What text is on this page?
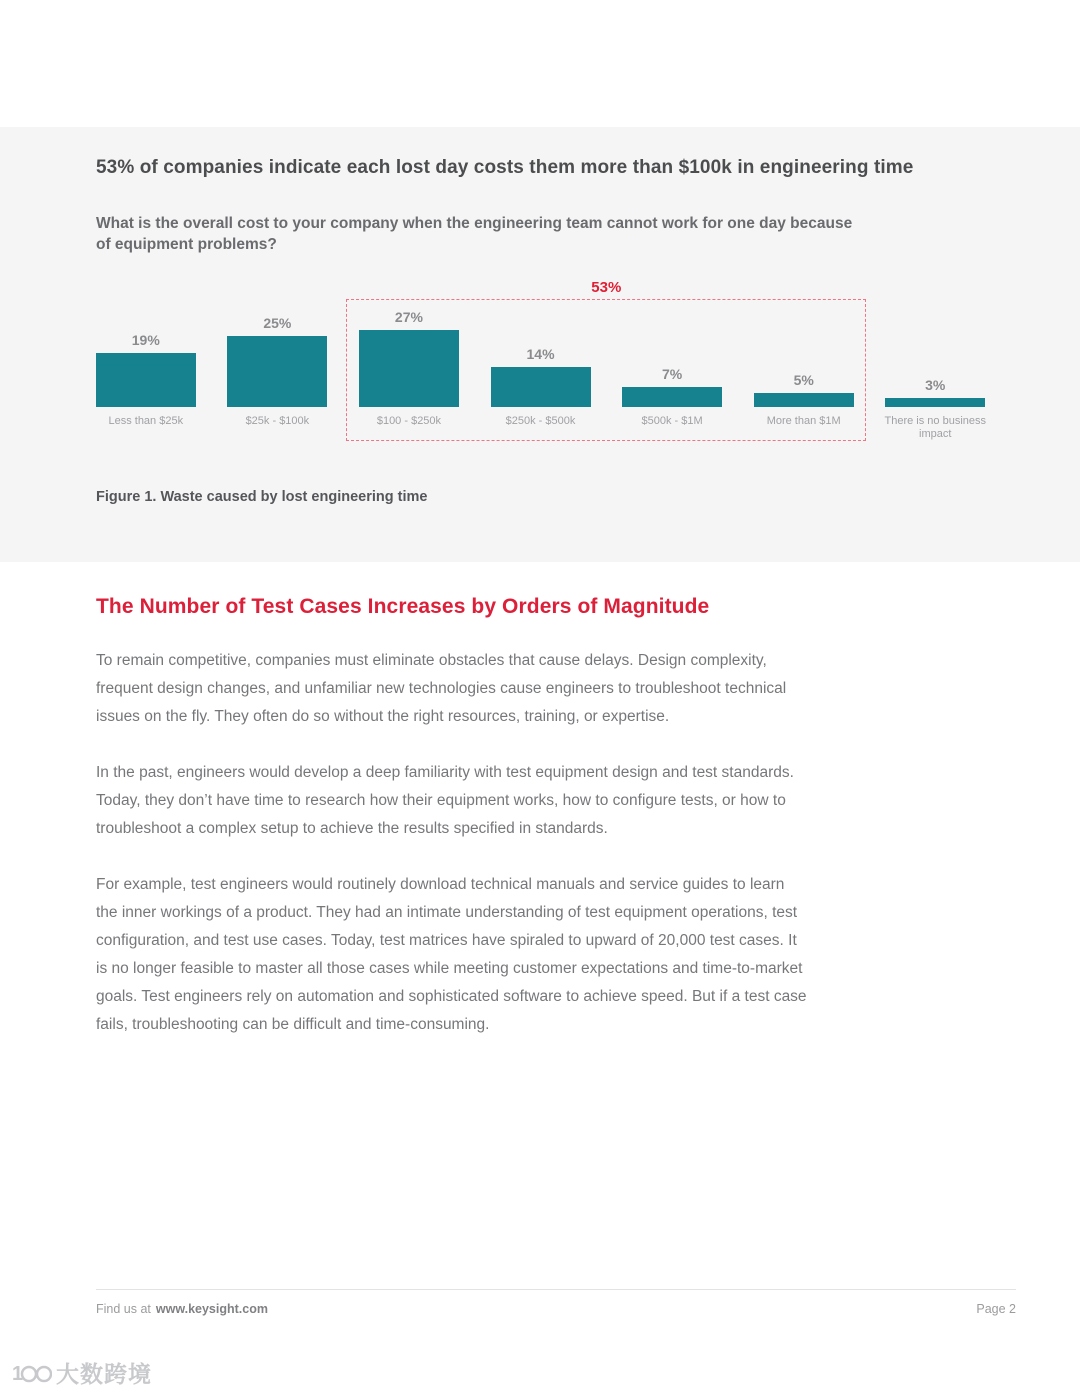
53% of companies indicate each lost day costs them more than $100k in engineering time

What is the overall cost to your company when the engineering team cannot work for one day because of equipment problems?

53%
19%
Less than $25k
25%
$25k - $100k
27%
$100 - $250k
14%
$250k - $500k
7%
$500k - $1M
5%
More than $1M
3%
There is no business impact

Figure 1. Waste caused by lost engineering time

The Number of Test Cases Increases by Orders of Magnitude

To remain competitive, companies must eliminate obstacles that cause delays. Design complexity, frequent design changes, and unfamiliar new technologies cause engineers to troubleshoot technical issues on the fly. They often do so without the right resources, training, or expertise.

In the past, engineers would develop a deep familiarity with test equipment design and test standards. Today, they don’t have time to research how their equipment works, how to configure tests, or how to troubleshoot a complex setup to achieve the results specified in standards.

For example, test engineers would routinely download technical manuals and service guides to learn the inner workings of a product. They had an intimate understanding of test equipment operations, test configuration, and test use cases. Today, test matrices have spiraled to upward of 20,000 test cases. It is no longer feasible to master all those cases while meeting customer expectations and time-to-market goals. Test engineers rely on automation and sophisticated software to achieve speed. But if a test case fails, troubleshooting can be difficult and time-consuming.

Find us at www.keysight.com	Page 2
1 大数跨境
